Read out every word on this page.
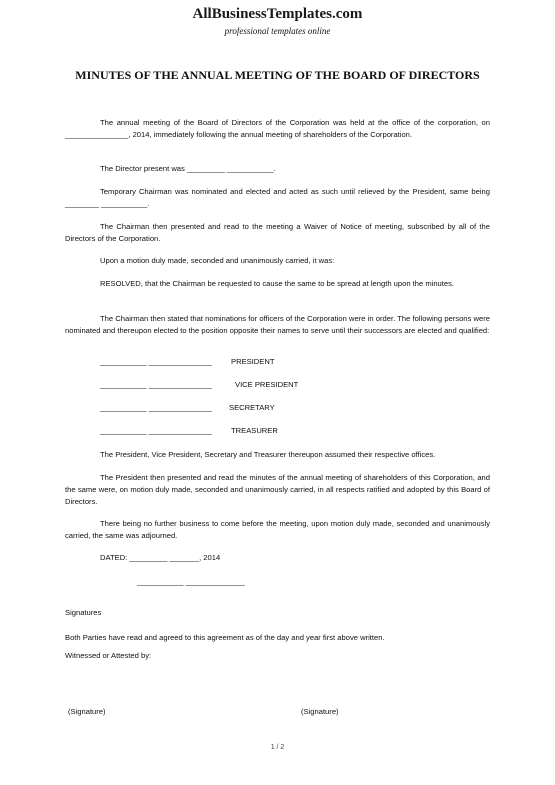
AllBusinessTemplates.com
professional templates online
MINUTES OF THE ANNUAL MEETING OF THE BOARD OF DIRECTORS
The annual meeting of the Board of Directors of the Corporation was held at the office of the corporation, on _______________, 2014, immediately following the annual meeting of shareholders of the Corporation.
The Director present was _________ ___________.
Temporary Chairman was nominated and elected and acted as such until relieved by the President, same being ________ ___________.
The Chairman then presented and read to the meeting a Waiver of Notice of meeting, subscribed by all of the Directors of the Corporation.
Upon a motion duly made, seconded and unanimously carried, it was:
RESOLVED, that the Chairman be requested to cause the same to be spread at length upon the minutes.
The Chairman then stated that nominations for officers of the Corporation were in order. The following persons were nominated and thereupon elected to the position opposite their names to serve until their successors are elected and qualified:
___________ _______________	PRESIDENT
___________ _______________	VICE PRESIDENT
___________ _______________ SECRETARY
___________ _______________	TREASURER
The President, Vice President, Secretary and Treasurer thereupon assumed their respective offices.
The President then presented and read the minutes of the annual meeting of shareholders of this Corporation, and the same were, on motion duly made, seconded and unanimously carried, in all respects ratified and adopted by this Board of Directors.
There being no further business to come before the meeting, upon motion duly made, seconded and unanimously carried, the same was adjourned.
DATED: _________ _______, 2014
___________ ______________
Signatures
Both Parties have read and agreed to this agreement as of the day and year first above written.
Witnessed or Attested by:
(Signature)	(Signature)
1 / 2
